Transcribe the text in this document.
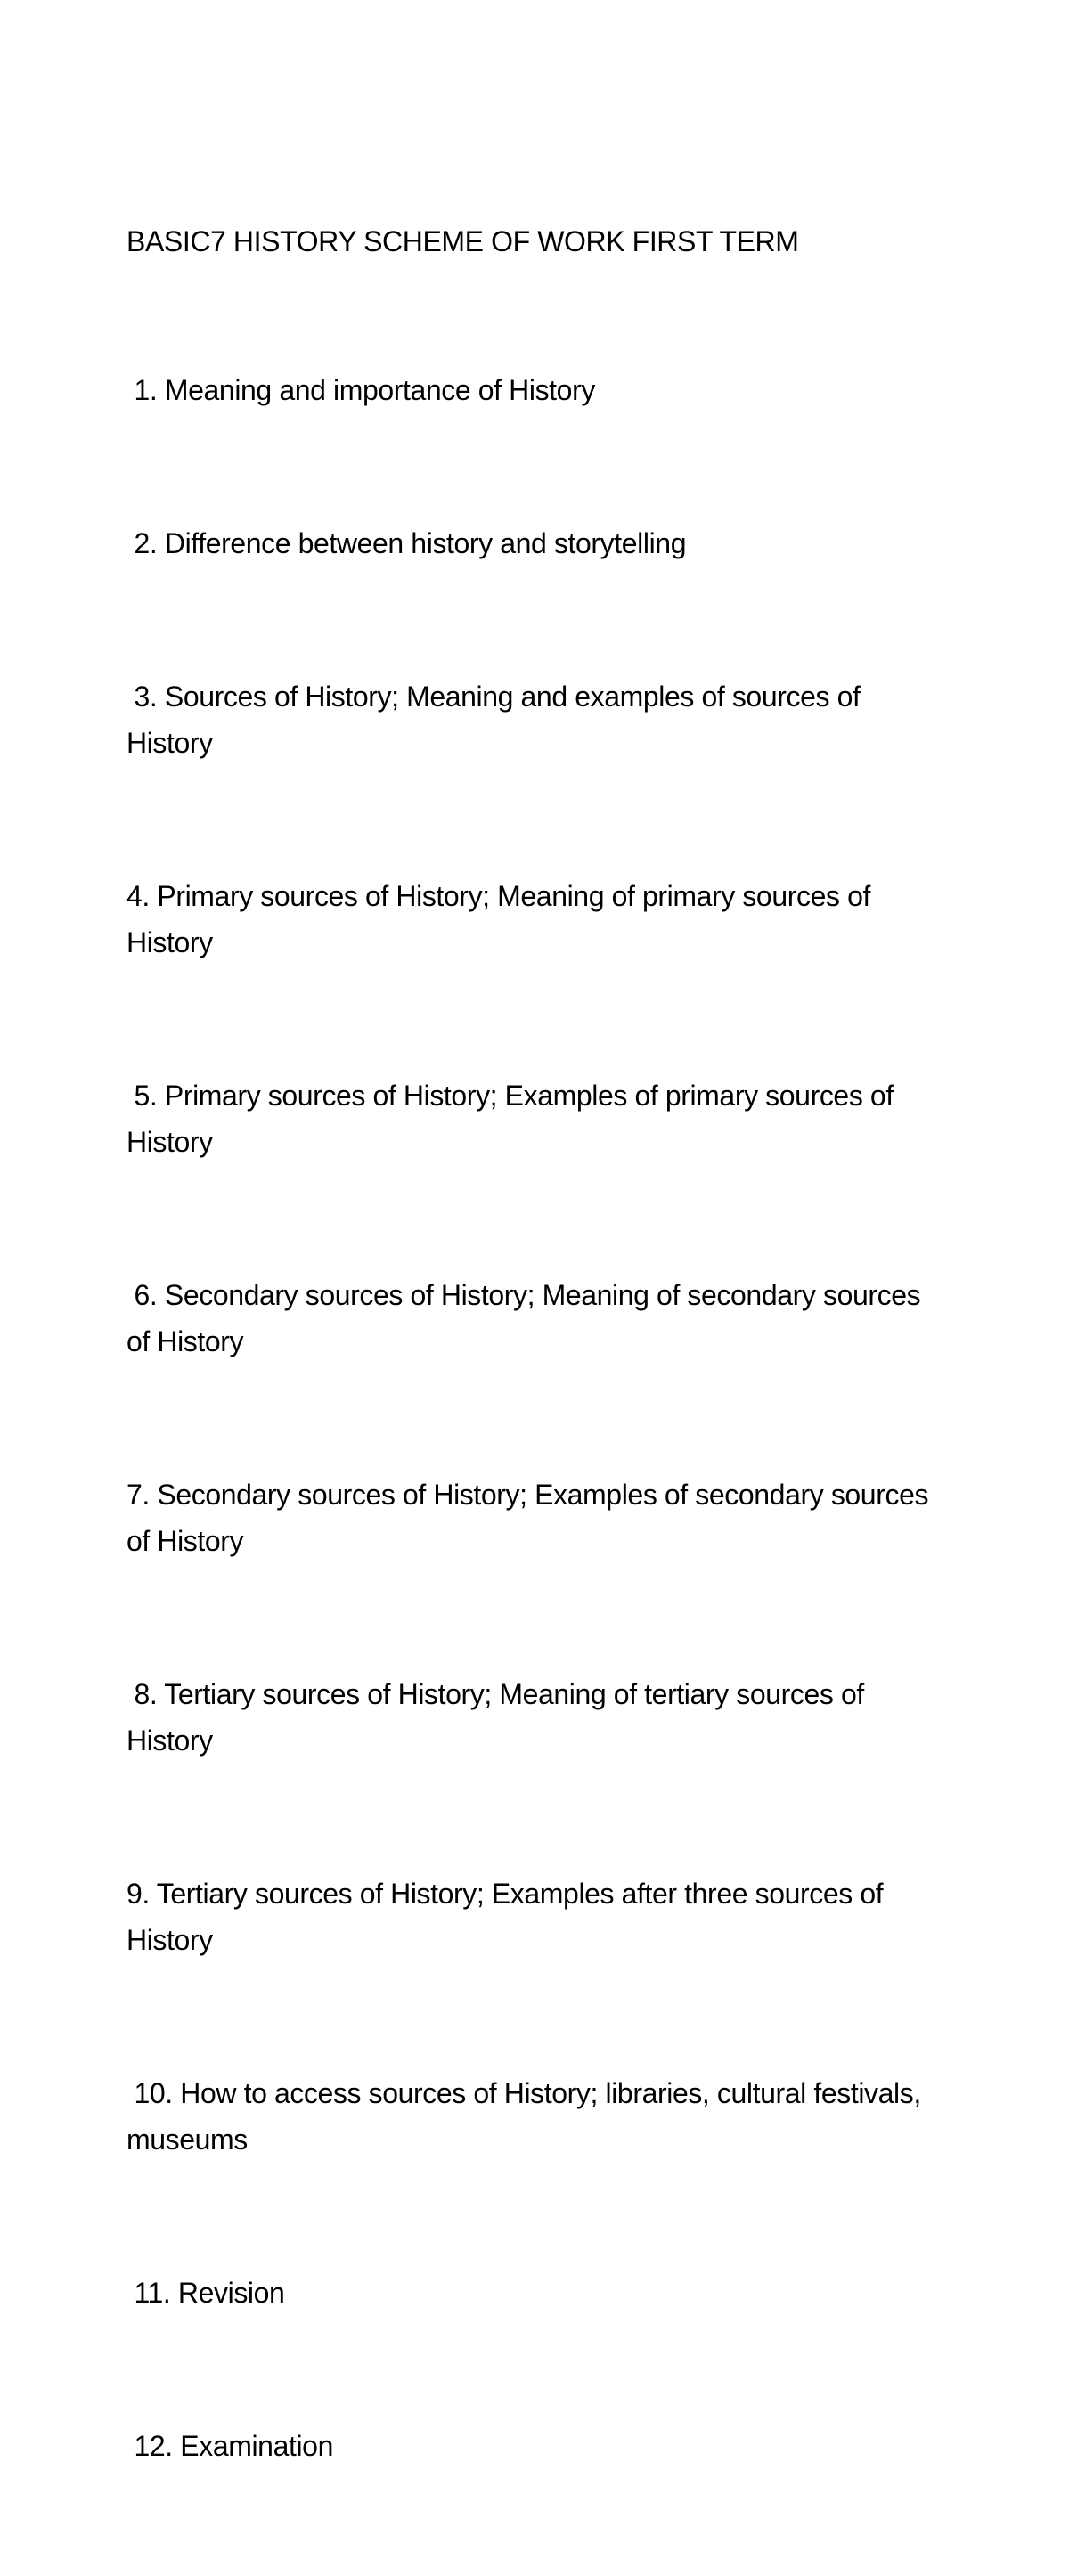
BASIC7 HISTORY SCHEME OF WORK FIRST TERM

1. Meaning and importance of History

2. Difference between history and storytelling

3. Sources of History; Meaning and examples of sources of History

4. Primary sources of History; Meaning of primary sources of History

5. Primary sources of History; Examples of primary sources of History

6. Secondary sources of History; Meaning of secondary sources of History

7. Secondary sources of History; Examples of secondary sources of History

8. Tertiary sources of History; Meaning of tertiary sources of History

9. Tertiary sources of History; Examples after three sources of History

10. How to access sources of History; libraries, cultural festivals, museums

11. Revision

12. Examination
